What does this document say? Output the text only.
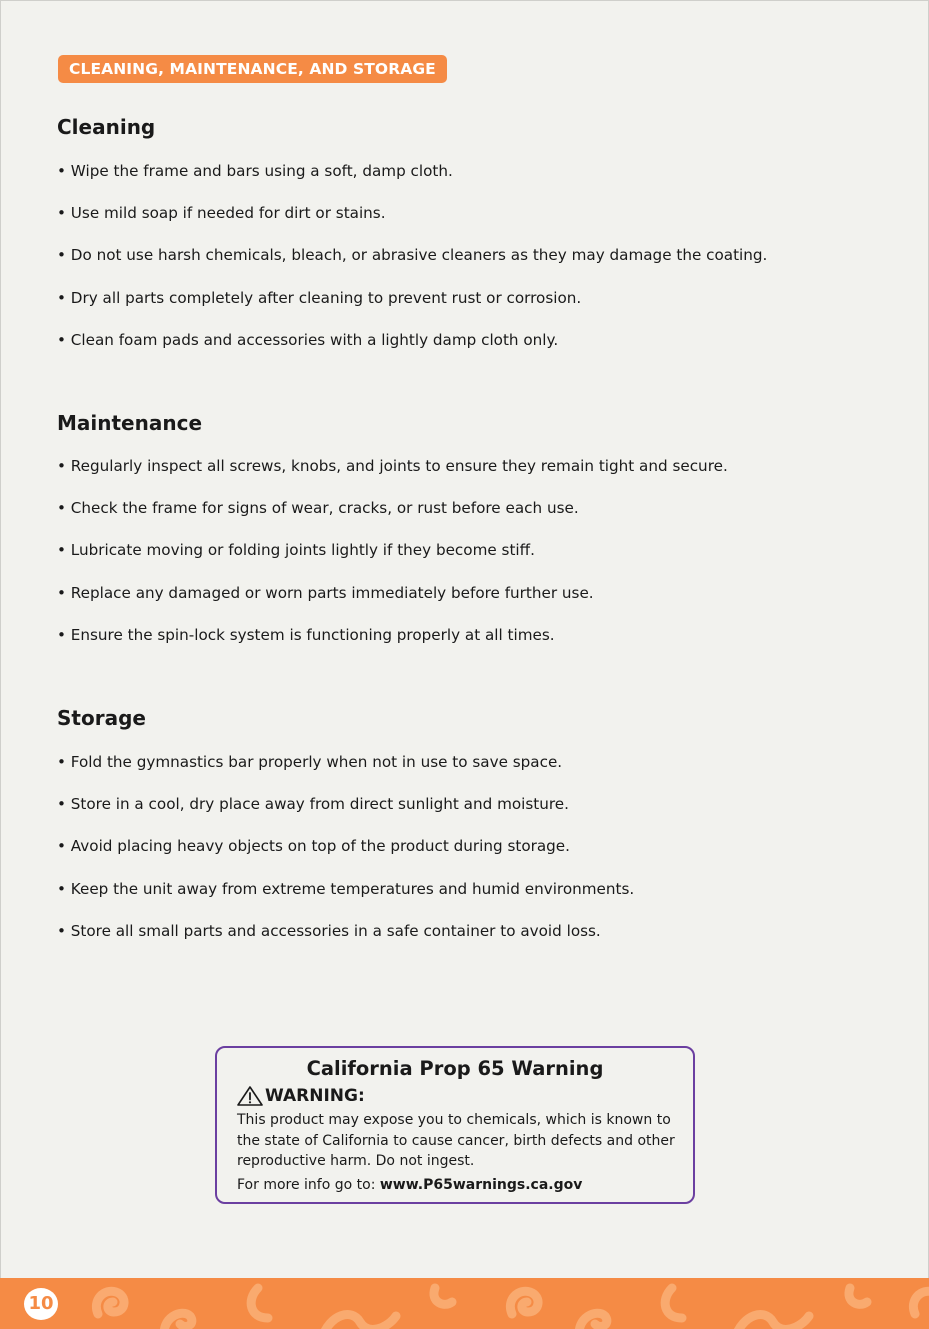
CLEANING, MAINTENANCE, AND STORAGE
Cleaning
• Wipe the frame and bars using a soft, damp cloth.
• Use mild soap if needed for dirt or stains.
• Do not use harsh chemicals, bleach, or abrasive cleaners as they may damage the coating.
• Dry all parts completely after cleaning to prevent rust or corrosion.
• Clean foam pads and accessories with a lightly damp cloth only.
Maintenance
• Regularly inspect all screws, knobs, and joints to ensure they remain tight and secure.
• Check the frame for signs of wear, cracks, or rust before each use.
• Lubricate moving or folding joints lightly if they become stiff.
• Replace any damaged or worn parts immediately before further use.
• Ensure the spin-lock system is functioning properly at all times.
Storage
• Fold the gymnastics bar properly when not in use to save space.
• Store in a cool, dry place away from direct sunlight and moisture.
• Avoid placing heavy objects on top of the product during storage.
• Keep the unit away from extreme temperatures and humid environments.
• Store all small parts and accessories in a safe container to avoid loss.
California Prop 65 Warning
WARNING:
This product may expose you to chemicals, which is known to the state of California to cause cancer, birth defects and other reproductive harm. Do not ingest.
For more info go to: www.P65warnings.ca.gov
10
